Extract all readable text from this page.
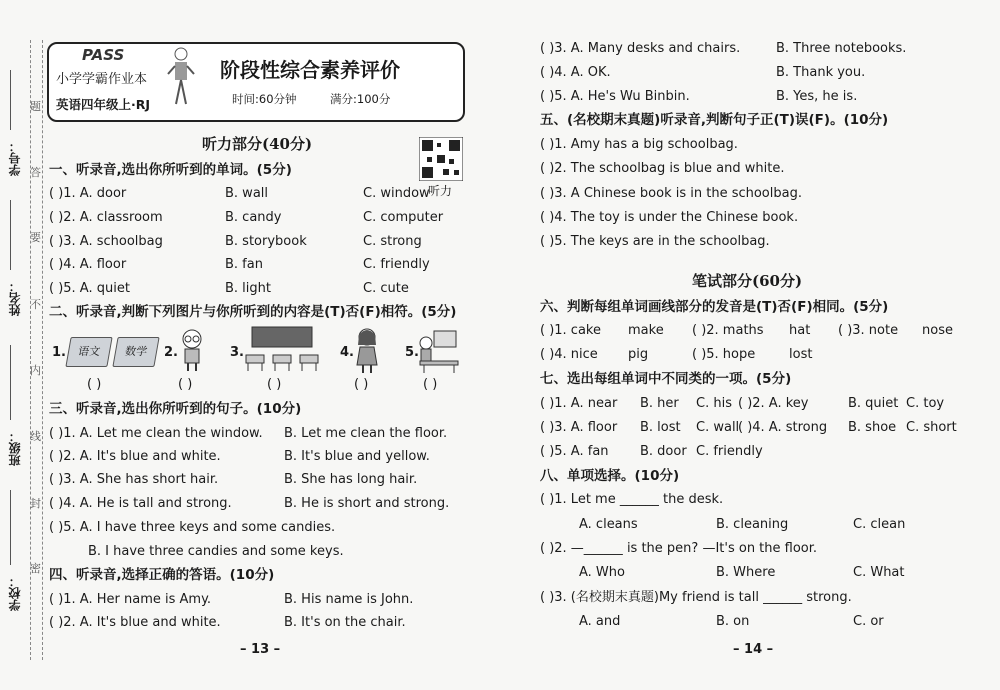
学号：
姓名：
班级：
学校：
题
答
要
不
内
线
封
密
PASS
小学学霸作业本
英语四年级上·RJ
阶段性综合素养评价
时间:60分钟	满分:100分
听力部分(40分)
听力
一、听录音,选出你所听到的单词。(5分)
( )1. A. door	B. wall	C. window
( )2. A. classroom	B. candy	C. computer
( )3. A. schoolbag	B. storybook	C. strong
( )4. A. floor	B. fan	C. friendly
( )5. A. quiet	B. light	C. cute
二、听录音,判断下列图片与你所听到的内容是(T)否(F)相符。(5分)
1. 语文	数学	2.	3.	4.	5.
( )	( )	( )	( )	( )
三、听录音,选出你所听到的句子。(10分)
( )1. A. Let me clean the window. B. Let me clean the floor.
( )2. A. It's blue and white.	B. It's blue and yellow.
( )3. A. She has short hair.	B. She has long hair.
( )4. A. He is tall and strong.	B. He is short and strong.
( )5. A. I have three keys and some candies.
B. I have three candies and some keys.
四、听录音,选择正确的答语。(10分)
( )1. A. Her name is Amy.	B. His name is John.
( )2. A. It's blue and white.	B. It's on the chair.
– 13 –
( )3. A. Many desks and chairs.	B. Three notebooks.
( )4. A. OK.	B. Thank you.
( )5. A. He's Wu Binbin.	B. Yes, he is.
五、(名校期末真题)听录音,判断句子正(T)误(F)。(10分)
( )1. Amy has a big schoolbag.
( )2. The schoolbag is blue and white.
( )3. A Chinese book is in the schoolbag.
( )4. The toy is under the Chinese book.
( )5. The keys are in the schoolbag.
笔试部分(60分)
六、判断每组单词画线部分的发音是(T)否(F)相同。(5分)
( )1. cake make ( )2. maths hat ( )3. note nose
( )4. nice pig	( )5. hope	lost
七、选出每组单词中不同类的一项。(5分)
( )1. A. near B. her C. his ( )2. A. key	B. quiet C. toy
( )3. A. floor B. lost C. wall
( )4. A. strong B. shoe C. short
( )5. A. fan B. door C. friendly
八、单项选择。(10分)
( )1. Let me ______ the desk.
A. cleans	B. cleaning	C. clean
( )2. —______ is the pen? —It's on the floor.
A. Who	B. Where	C. What
( )3. (名校期末真题)My friend is tall ______ strong.
A. and	B. on	C. or
– 14 –
